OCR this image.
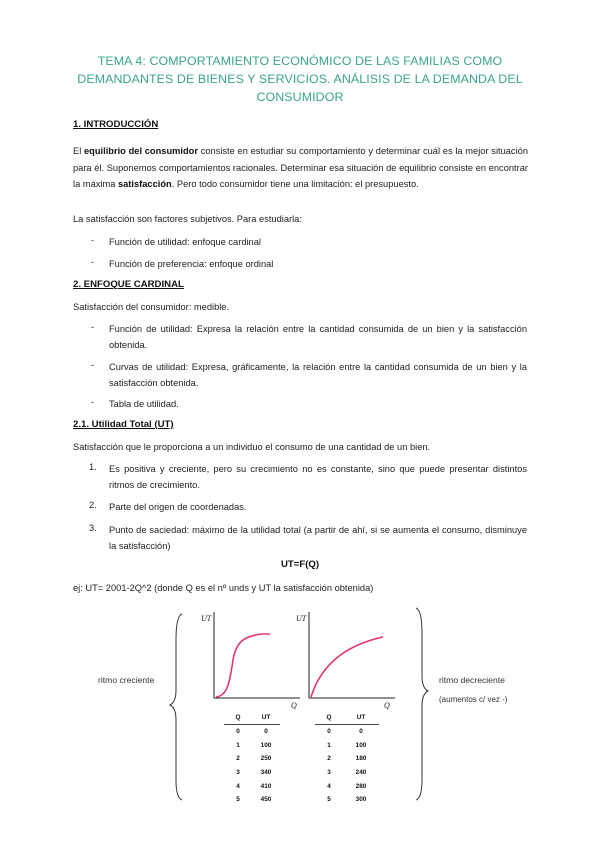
TEMA 4: COMPORTAMIENTO ECONÓMICO DE LAS FAMILIAS COMO
DEMANDANTES DE BIENES Y SERVICIOS. ANÁLISIS DE LA DEMANDA DEL
CONSUMIDOR
1. INTRODUCCIÓN
El equilibrio del consumidor consiste en estudiar su comportamiento y determinar cuál es la mejor situación para él. Suponemos comportamientos racionales. Determinar esa situación de equilibrio consiste en encontrar la máxima satisfacción. Pero todo consumidor tiene una limitación: el presupuesto.
La satisfacción son factores subjetivos. Para estudiarla:
- Función de utilidad: enfoque cardinal
- Función de preferencia: enfoque ordinal
2. ENFOQUE CARDINAL
Satisfacción del consumidor: medible.
- Función de utilidad: Expresa la relación entre la cantidad consumida de un bien y la satisfacción obtenida.
- Curvas de utilidad: Expresa, gráficamente, la relación entre la cantidad consumida de un bien y la satisfacción obtenida.
- Tabla de utilidad.
2.1. Utilidad Total (UT)
Satisfacción que le proporciona a un individuo el consumo de una cantidad de un bien.
1. Es positiva y creciente, pero su crecimiento no es constante, sino que puede presentar distintos ritmos de crecimiento.
2. Parte del origen de coordenadas.
3. Punto de saciedad: máximo de la utilidad total (a partir de ahí, si se aumenta el consumo, disminuye la satisfacción)
UT=F(Q)
ej: UT= 2001-2Q^2 (donde Q es el nº unds y UT la satisfacción obtenida)
UT
Q
UT
Q
ritmo creciente	ritmo decreciente
(aumentos c/ vez -)
Q	UT
0	0
1	100
2	250
3	340
4	410
5	450
Q	UT
0	0
1	100
2	180
3	240
4	280
5	300
